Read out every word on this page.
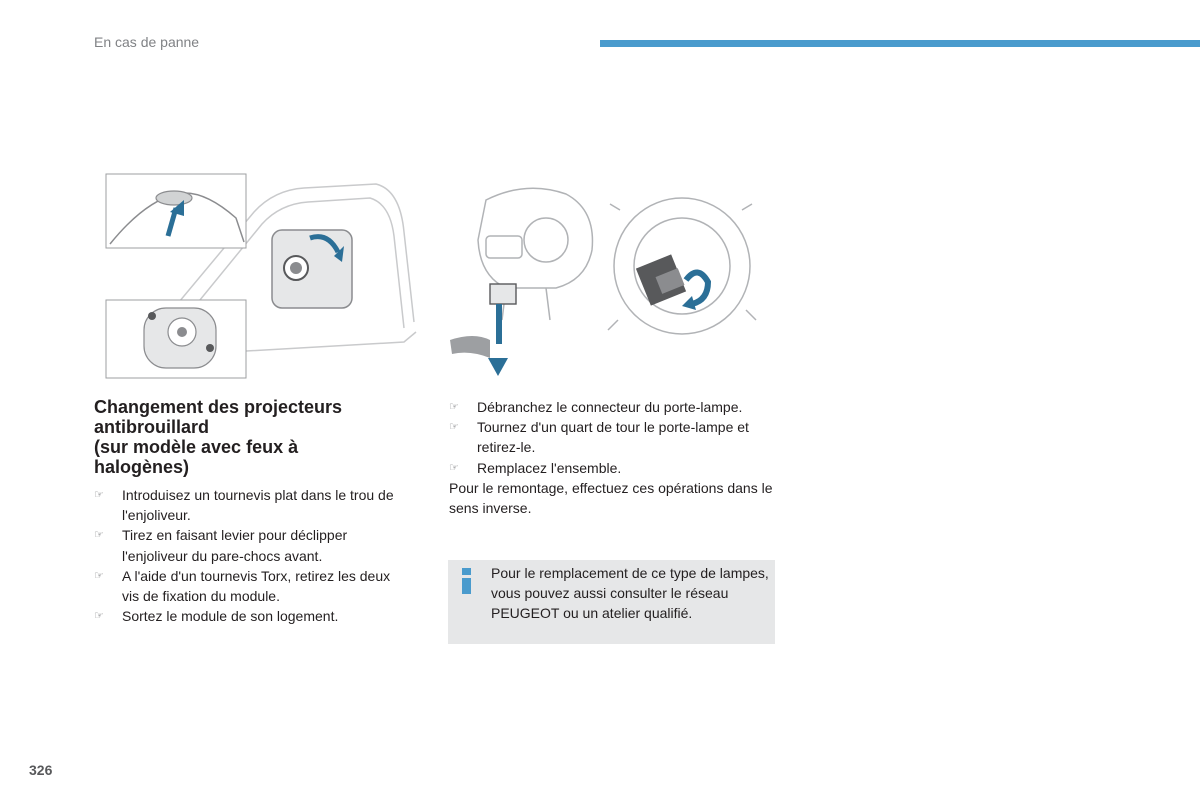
En cas de panne
Changement des projecteurs
antibrouillard
(sur modèle avec feux à
halogènes)
☞ Introduisez un tournevis plat dans le trou de l'enjoliveur.
☞ Tirez en faisant levier pour déclipper l'enjoliveur du pare-chocs avant.
☞ A l'aide d'un tournevis Torx, retirez les deux vis de fixation du module.
☞ Sortez le module de son logement.
☞ Débranchez le connecteur du porte-lampe.
☞ Tournez d'un quart de tour le porte-lampe et retirez-le.
☞ Remplacez l'ensemble.
Pour le remontage, effectuez ces opérations dans le sens inverse.
Pour le remplacement de ce type de lampes, vous pouvez aussi consulter le réseau PEUGEOT ou un atelier qualifié.
326
